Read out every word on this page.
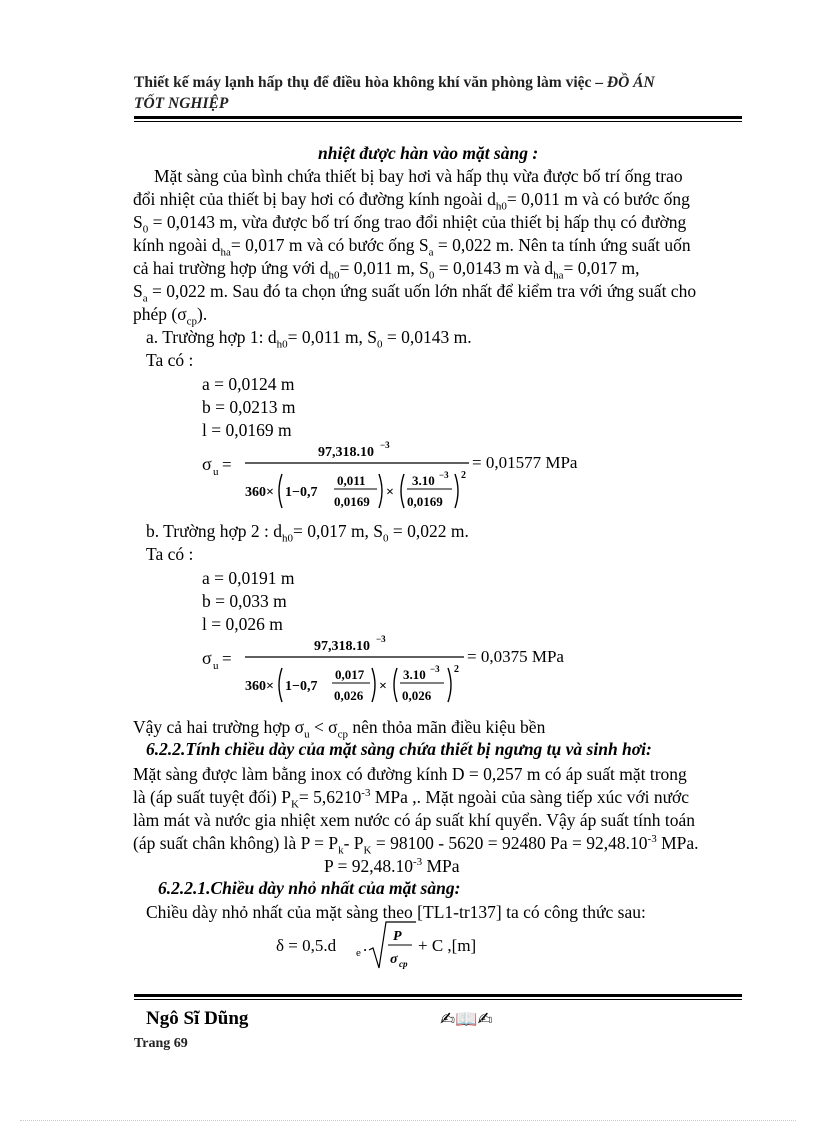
Thiết kế máy lạnh hấp thụ để điều hòa không khí văn phòng làm việc – ĐỒ ÁN
TỐT NGHIỆP
nhiệt được hàn vào mặt sàng :
Mặt sàng của bình chứa thiết bị bay hơi và hấp thụ vừa được bố trí ống trao
đổi nhiệt của thiết bị bay hơi có đường kính ngoài $d_{h0}= 0,011$ m và có bước ống
$S_0 = 0,0143$ m, vừa được bố trí ống trao đổi nhiệt của thiết bị hấp thụ có đường
kính ngoài $d_{ha}= 0,017$ m và có bước ống $S_a = 0,022$ m. Nên ta tính ứng suất uốn
cả hai trường hợp ứng với $d_{h0}= 0,011$ m, $S_0 = 0,0143$ m và $d_{ha}= 0,017$ m,
$S_a = 0,022$ m. Sau đó ta chọn ứng suất uốn lớn nhất để kiểm tra với ứng suất cho
phép $(\sigma_{cp})$.
a. Trường hợp 1: $d_{h0}= 0,011$ m, $S_0 = 0,0143$ m.
Ta có :
a = 0,0124 m
b = 0,0213 m
l = 0,0169 m
σ u =
97,318.10 −3
360× 1−0,7
0,011
0,0169
×
3.10 −3
0,0169
2
= 0,01577 MPa
b. Trường hợp 2 : $d_{h0}= 0,017$ m, $S_0 = 0,022$ m.
Ta có :
a = 0,0191 m
b = 0,033 m
l = 0,026 m
σ u =
97,318.10 −3
360× 1−0,7
0,017
0,026
×
3.10 −3
0,026
2
= 0,0375 MPa
Vậy cả hai trường hợp $\sigma_u < \sigma_{cp}$ nên thỏa mãn điều kiệu bền
6.2.2.Tính chiều dày của mặt sàng chứa thiết bị ngưng tụ và sinh hơi:
Mặt sàng được làm bằng inox có đường kính D = 0,257 m có áp suất mặt trong
là (áp suất tuyệt đối) $P_K= 5,6210^{-3}$ MPa ,. Mặt ngoài của sàng tiếp xúc với nước
làm mát và nước gia nhiệt xem nước có áp suất khí quyển. Vậy áp suất tính toán
(áp suất chân không) là $P = P_k-$ $P_K = 98100 - 5620 = 92480$ $Pa = 92,48.10^{-3}$ MPa.
$P = 92,48.10^{-3}$ MPa
6.2.2.1.Chiều dày nhỏ nhất của mặt sàng:
Chiều dày nhỏ nhất của mặt sàng theo [TL1-tr137] ta có công thức sau:
δ = 0,5.d e . P
σ cp
+ C ,[m]
Ngô Sĩ Dũng	✍📖✍
Trang 69
